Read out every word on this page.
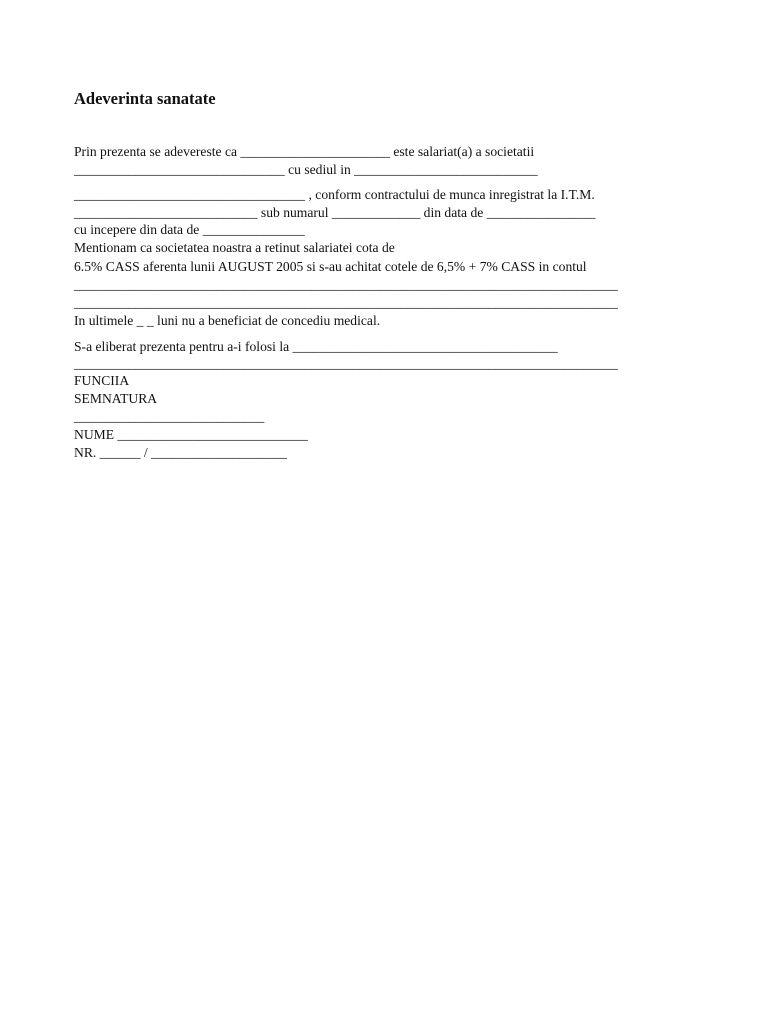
Adeverinta sanatate
Prin prezenta se adevereste ca ______________________ este salariat(a) a societatii
_______________________________ cu sediul in ___________________________
__________________________________ , conform contractului de munca inregistrat la I.T.M.
___________________________ sub numarul _____________ din data de ________________
cu incepere din data de _______________
Mentionam ca societatea noastra a retinut salariatei cota de
6.5% CASS aferenta lunii AUGUST 2005 si s-au achitat cotele de 6,5% + 7% CASS in contul
________________________________________________________________________________
________________________________________________________________________________
In ultimele _ _ luni nu a beneficiat de concediu medical.
S-a eliberat prezenta pentru a-i folosi la _______________________________________
________________________________________________________________________________
FUNCIIA
SEMNATURA
____________________________
NUME ____________________________
NR. ______ / ____________________
